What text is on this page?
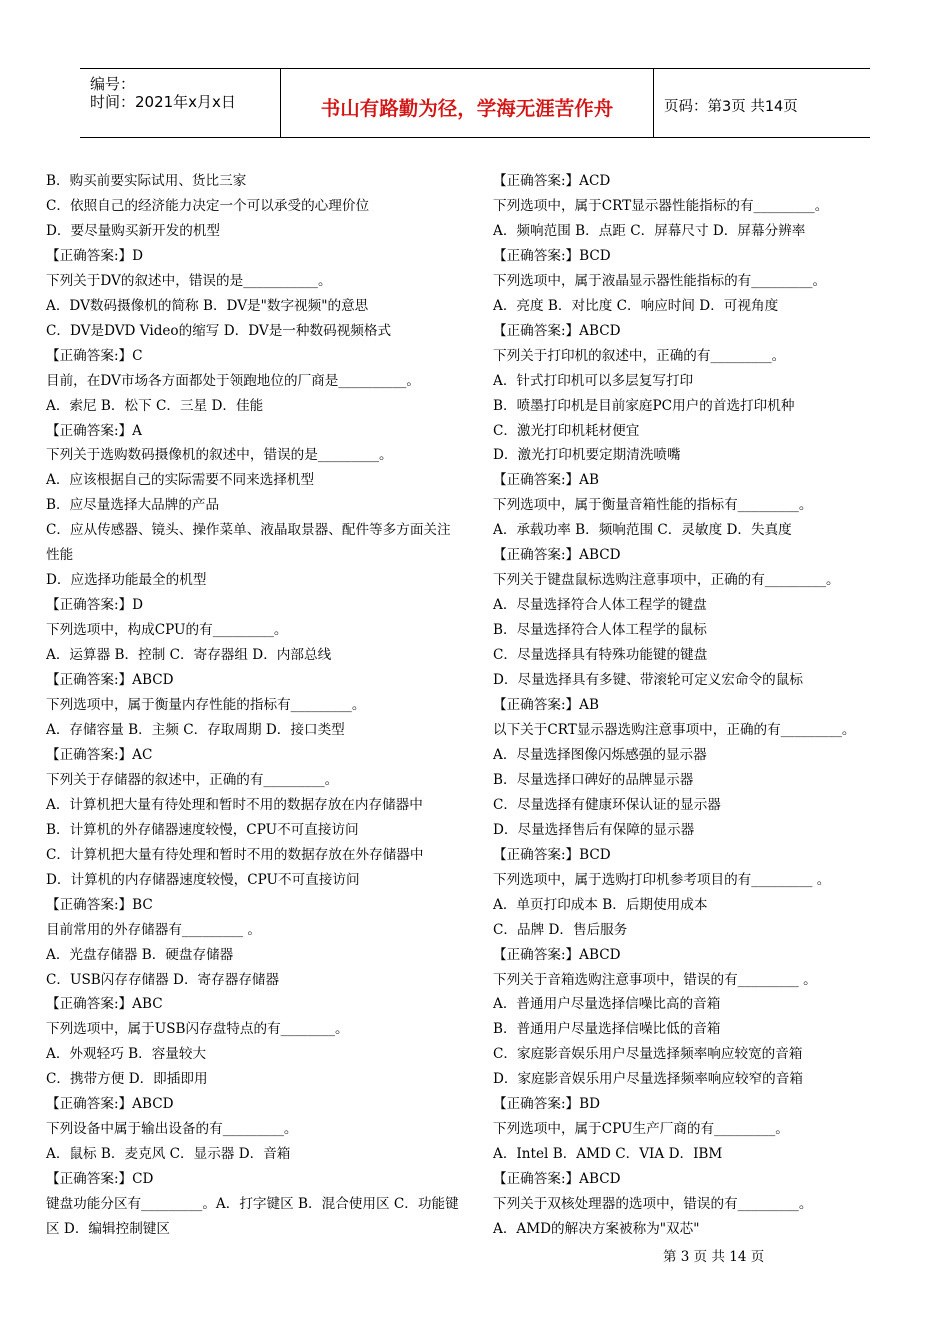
编号：
时间：2021年x月x日	书山有路勤为径，学海无涯苦作舟	页码：第3页 共14页
B．购买前要实际试用、货比三家
C．依照自己的经济能力决定一个可以承受的心理价位
D．要尽量购买新开发的机型
【正确答案:】D
下列关于DV的叙述中，错误的是___________。
A．DV数码摄像机的简称 B．DV是"数字视频"的意思
C．DV是DVD Video的缩写 D．DV是一种数码视频格式
【正确答案:】C
目前，在DV市场各方面都处于领跑地位的厂商是__________。
A．索尼 B．松下 C．三星 D．佳能
【正确答案:】A
下列关于选购数码摄像机的叙述中，错误的是_________。
A．应该根据自己的实际需要不同来选择机型
B．应尽量选择大品牌的产品
C．应从传感器、镜头、操作菜单、液晶取景器、配件等多方面关注性能
D．应选择功能最全的机型
【正确答案:】D
下列选项中，构成CPU的有_________。
A．运算器 B．控制 C．寄存器组 D．内部总线
【正确答案:】ABCD
下列选项中，属于衡量内存性能的指标有_________。
A．存储容量 B．主频 C．存取周期 D．接口类型
【正确答案:】AC
下列关于存储器的叙述中，正确的有_________。
A．计算机把大量有待处理和暂时不用的数据存放在内存储器中
B．计算机的外存储器速度较慢，CPU不可直接访问
C．计算机把大量有待处理和暂时不用的数据存放在外存储器中
D．计算机的内存储器速度较慢，CPU不可直接访问
【正确答案:】BC
目前常用的外存储器有_________ 。
A．光盘存储器 B．硬盘存储器
C．USB闪存存储器 D．寄存器存储器
【正确答案:】ABC
下列选项中，属于USB闪存盘特点的有________。
A．外观轻巧 B．容量较大
C．携带方便 D．即插即用
【正确答案:】ABCD
下列设备中属于输出设备的有_________。
A．鼠标 B．麦克风 C．显示器 D．音箱
【正确答案:】CD
键盘功能分区有_________。A．打字键区 B．混合使用区 C．功能键区 D．编辑控制键区
【正确答案:】ACD
下列选项中，属于CRT显示器性能指标的有_________。
A．频响范围 B．点距 C．屏幕尺寸 D．屏幕分辨率
【正确答案:】BCD
下列选项中，属于液晶显示器性能指标的有_________。
A．亮度 B．对比度 C．响应时间 D．可视角度
【正确答案:】ABCD
下列关于打印机的叙述中，正确的有_________。
A．针式打印机可以多层复写打印
B．喷墨打印机是目前家庭PC用户的首选打印机种
C．激光打印机耗材便宜
D．激光打印机要定期清洗喷嘴
【正确答案:】AB
下列选项中，属于衡量音箱性能的指标有_________。
A．承载功率 B．频响范围 C．灵敏度 D．失真度
【正确答案:】ABCD
下列关于键盘鼠标选购注意事项中，正确的有_________。
A．尽量选择符合人体工程学的键盘
B．尽量选择符合人体工程学的鼠标
C．尽量选择具有特殊功能键的键盘
D．尽量选择具有多键、带滚轮可定义宏命令的鼠标
【正确答案:】AB
以下关于CRT显示器选购注意事项中，正确的有_________。
A．尽量选择图像闪烁感强的显示器
B．尽量选择口碑好的品牌显示器
C．尽量选择有健康环保认证的显示器
D．尽量选择售后有保障的显示器
【正确答案:】BCD
下列选项中，属于选购打印机参考项目的有_________ 。
A．单页打印成本 B．后期使用成本
C．品牌 D．售后服务
【正确答案:】ABCD
下列关于音箱选购注意事项中，错误的有_________ 。
A．普通用户尽量选择信噪比高的音箱
B．普通用户尽量选择信噪比低的音箱
C．家庭影音娱乐用户尽量选择频率响应较宽的音箱
D．家庭影音娱乐用户尽量选择频率响应较窄的音箱
【正确答案:】BD
下列选项中，属于CPU生产厂商的有_________。
A．Intel B．AMD C．VIA D．IBM
【正确答案:】ABCD
下列关于双核处理器的选项中，错误的有_________。
A．AMD的解决方案被称为"双芯"
第 3 页 共 14 页
